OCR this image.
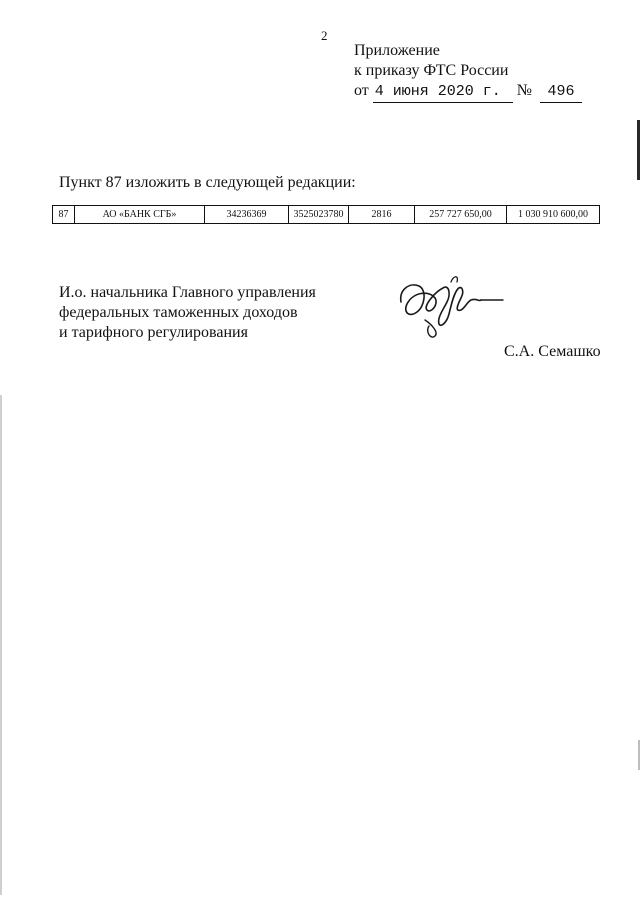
2
Приложение
к приказу ФТС России
от 4 июня 2020 г. № 496
Пункт 87 изложить в следующей редакции:
87	АО «БАНК СГБ»	34236369	3525023780	2816	257 727 650,00	1 030 910 600,00
И.о. начальника Главного управления
федеральных таможенных доходов
и тарифного регулирования
С.А. Семашко
